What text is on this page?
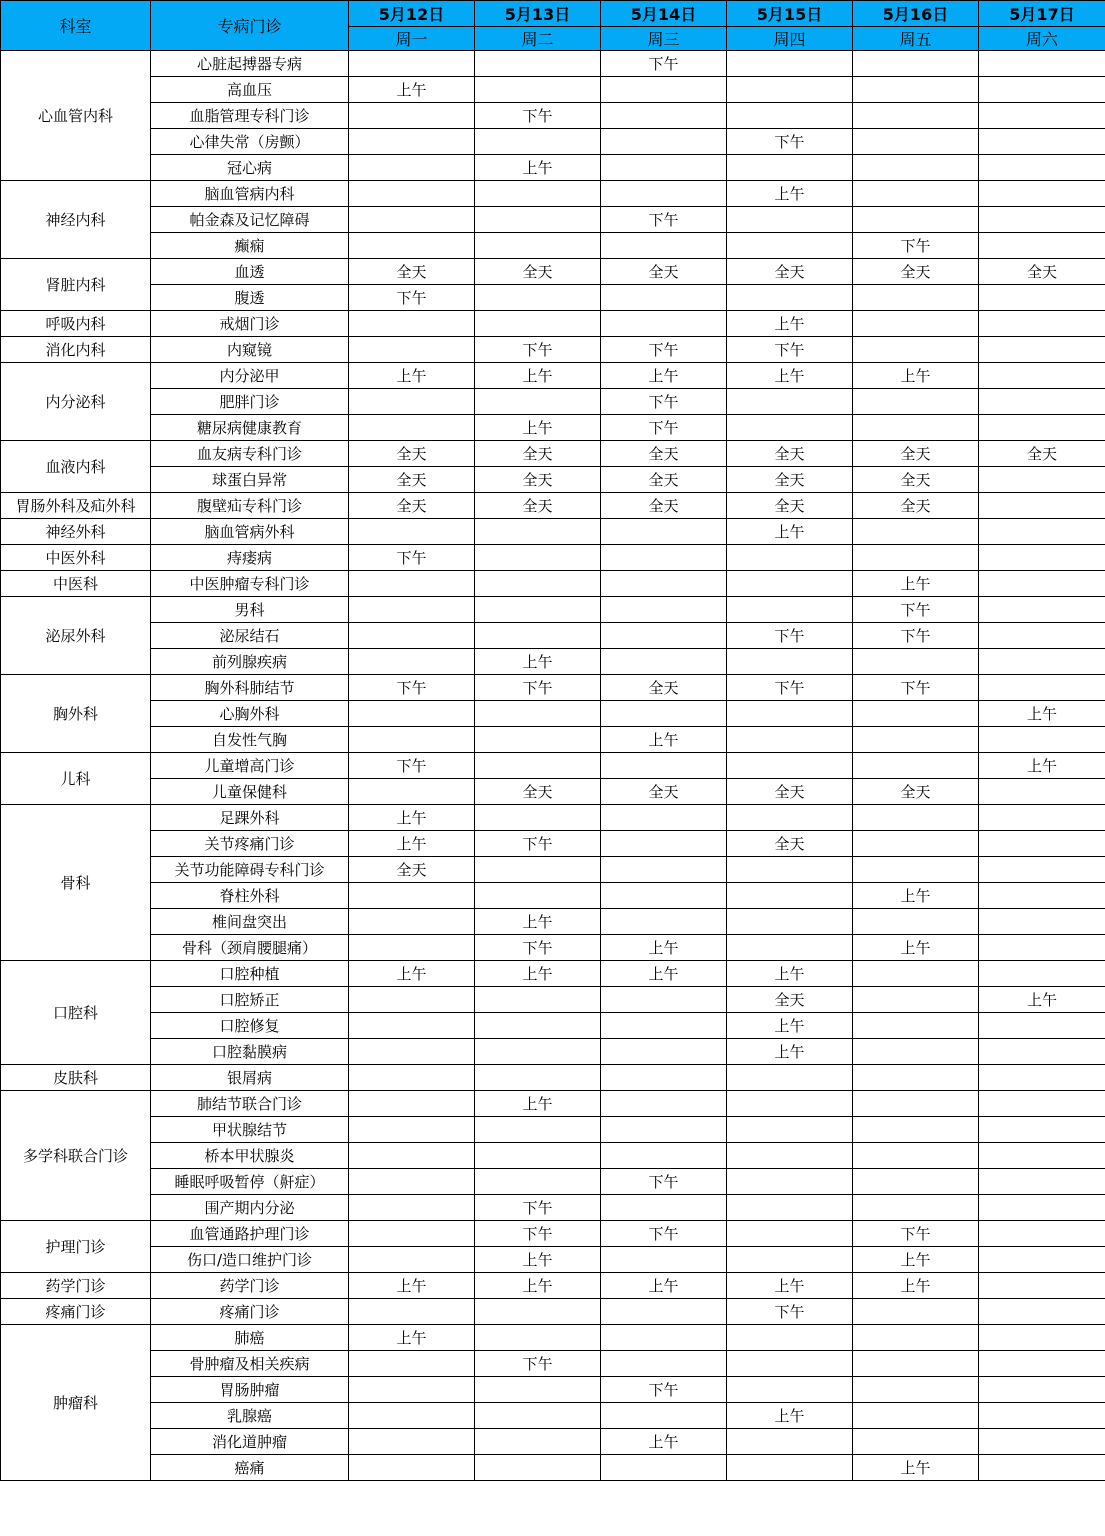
科室	专病门诊	5月12日	5月13日	5月14日	5月15日	5月16日	5月17日
		周一	周二	周三	周四	周五	周六
心血管内科	心脏起搏器专病			下午			
	高血压	上午					
	血脂管理专科门诊		下午				
	心律失常（房颤）				下午		
	冠心病		上午				
神经内科	脑血管病内科				上午		
	帕金森及记忆障碍			下午			
	癫痫					下午	
肾脏内科	血透	全天	全天	全天	全天	全天	全天
	腹透	下午					
呼吸内科	戒烟门诊				上午		
消化内科	内窥镜		下午	下午	下午		
内分泌科	内分泌甲	上午	上午	上午	上午	上午	
	肥胖门诊			下午			
	糖尿病健康教育		上午	下午			
血液内科	血友病专科门诊	全天	全天	全天	全天	全天	全天
	球蛋白异常	全天	全天	全天	全天	全天	
胃肠外科及疝外科	腹壁疝专科门诊	全天	全天	全天	全天	全天	
神经外科	脑血管病外科				上午		
中医外科	痔瘘病	下午					
中医科	中医肿瘤专科门诊					上午	
泌尿外科	男科					下午	
	泌尿结石				下午	下午	
	前列腺疾病		上午				
胸外科	胸外科肺结节	下午	下午	全天	下午	下午	
	心胸外科						上午
	自发性气胸			上午			
儿科	儿童增高门诊	下午					上午
	儿童保健科		全天	全天	全天	全天	
骨科	足踝外科	上午					
	关节疼痛门诊	上午	下午		全天		
	关节功能障碍专科门诊	全天					
	脊柱外科					上午	
	椎间盘突出		上午				
	骨科（颈肩腰腿痛）		下午	上午		上午	
口腔科	口腔种植	上午	上午	上午	上午		
	口腔矫正				全天		上午
	口腔修复				上午		
	口腔黏膜病				上午		
皮肤科	银屑病						
多学科联合门诊	肺结节联合门诊		上午				
	甲状腺结节						
	桥本甲状腺炎						
	睡眠呼吸暂停（鼾症）			下午			
	围产期内分泌		下午				
护理门诊	血管通路护理门诊		下午	下午		下午	
	伤口/造口维护门诊		上午			上午	
药学门诊	药学门诊	上午	上午	上午	上午	上午	
疼痛门诊	疼痛门诊				下午		
肿瘤科	肺癌	上午					
	骨肿瘤及相关疾病		下午				
	胃肠肿瘤			下午			
	乳腺癌				上午		
	消化道肿瘤			上午			
	癌痛					上午	
